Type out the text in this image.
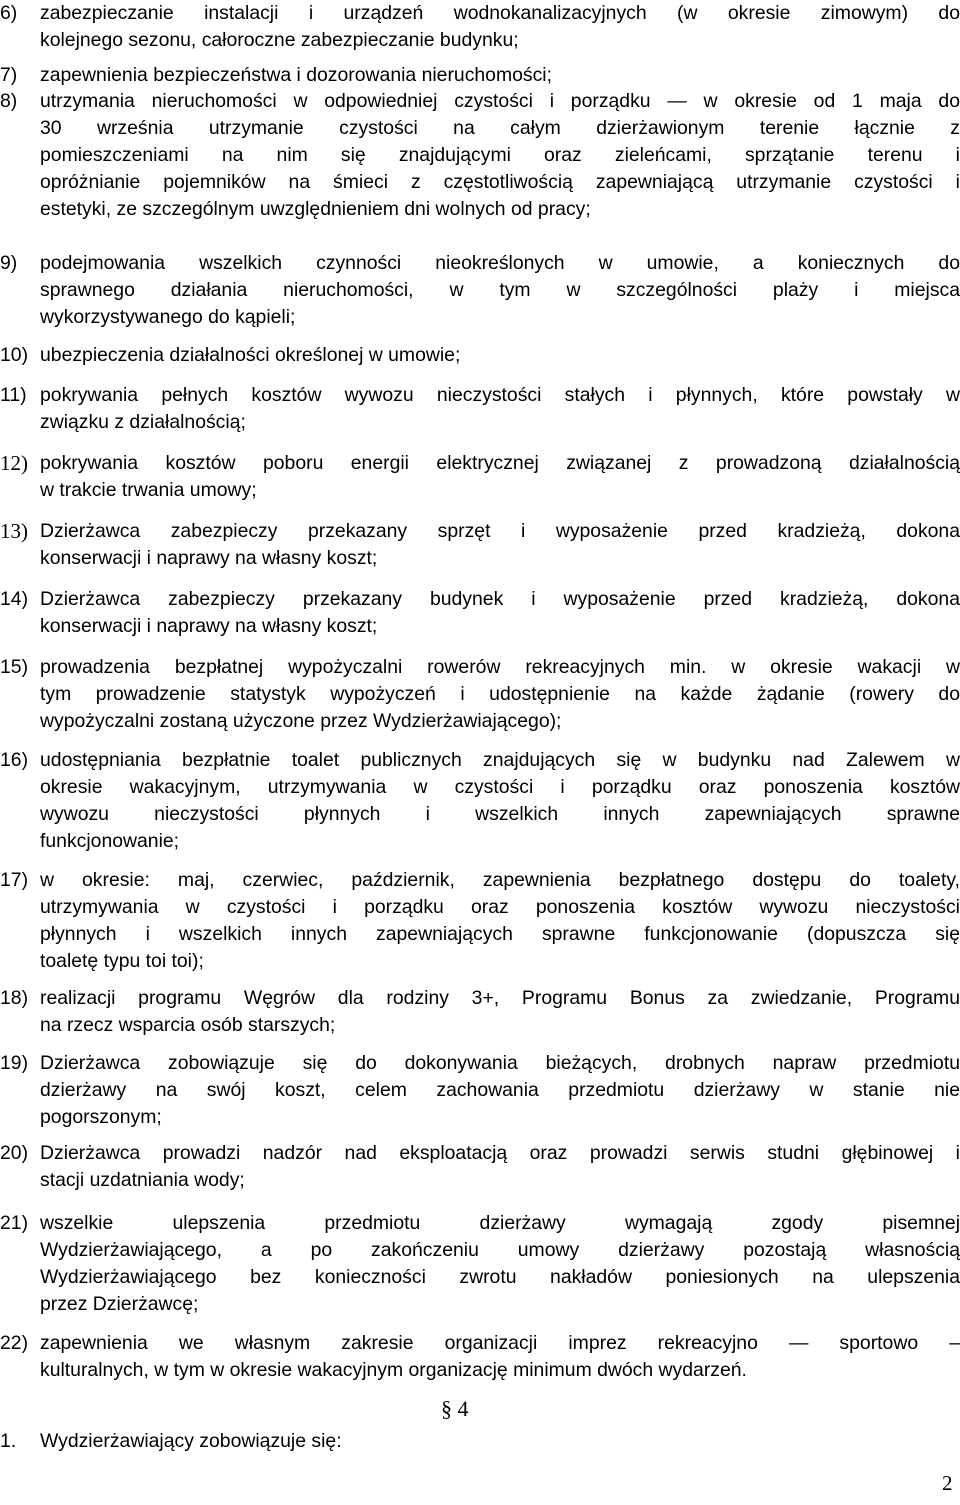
6) zabezpieczanie instalacji i urządzeń wodnokanalizacyjnych (w okresie zimowym) do
kolejnego sezonu, całoroczne zabezpieczanie budynku;
7) zapewnienia bezpieczeństwa i dozorowania nieruchomości;
8) utrzymania nieruchomości w odpowiedniej czystości i porządku — w okresie od 1 maja do
30 września utrzymanie czystości na całym dzierżawionym terenie łącznie z
pomieszczeniami na nim się znajdującymi oraz zieleńcami, sprzątanie terenu i
opróżnianie pojemników na śmieci z częstotliwością zapewniającą utrzymanie czystości i
estetyki, ze szczególnym uwzględnieniem dni wolnych od pracy;
9) podejmowania wszelkich czynności nieokreślonych w umowie, a koniecznych do
sprawnego działania nieruchomości, w tym w szczególności plaży i miejsca
wykorzystywanego do kąpieli;
10) ubezpieczenia działalności określonej w umowie;
11) pokrywania pełnych kosztów wywozu nieczystości stałych i płynnych, które powstały w
związku z działalnością;
12) pokrywania kosztów poboru energii elektrycznej związanej z prowadzoną działalnością
w trakcie trwania umowy;
13) Dzierżawca zabezpieczy przekazany sprzęt i wyposażenie przed kradzieżą, dokona
konserwacji i naprawy na własny koszt;
14) Dzierżawca zabezpieczy przekazany budynek i wyposażenie przed kradzieżą, dokona
konserwacji i naprawy na własny koszt;
15) prowadzenia bezpłatnej wypożyczalni rowerów rekreacyjnych min. w okresie wakacji w
tym prowadzenie statystyk wypożyczeń i udostępnienie na każde żądanie (rowery do
wypożyczalni zostaną użyczone przez Wydzierżawiającego);
16) udostępniania bezpłatnie toalet publicznych znajdujących się w budynku nad Zalewem w
okresie wakacyjnym, utrzymywania w czystości i porządku oraz ponoszenia kosztów
wywozu nieczystości płynnych i wszelkich innych zapewniających sprawne
funkcjonowanie;
17) w okresie: maj, czerwiec, październik, zapewnienia bezpłatnego dostępu do toalety,
utrzymywania w czystości i porządku oraz ponoszenia kosztów wywozu nieczystości
płynnych i wszelkich innych zapewniających sprawne funkcjonowanie (dopuszcza się
toaletę typu toi toi);
18) realizacji programu Węgrów dla rodziny 3+, Programu Bonus za zwiedzanie, Programu
na rzecz wsparcia osób starszych;
19) Dzierżawca zobowiązuje się do dokonywania bieżących, drobnych napraw przedmiotu
dzierżawy na swój koszt, celem zachowania przedmiotu dzierżawy w stanie nie
pogorszonym;
20) Dzierżawca prowadzi nadzór nad eksploatacją oraz prowadzi serwis studni głębinowej i
stacji uzdatniania wody;
21) wszelkie ulepszenia przedmiotu dzierżawy wymagają zgody pisemnej
Wydzierżawiającego, a po zakończeniu umowy dzierżawy pozostają własnością
Wydzierżawiającego bez konieczności zwrotu nakładów poniesionych na ulepszenia
przez Dzierżawcę;
22) zapewnienia we własnym zakresie organizacji imprez rekreacyjno — sportowo –
kulturalnych, w tym w okresie wakacyjnym organizację minimum dwóch wydarzeń.
§ 4
1. Wydzierżawiający zobowiązuje się:
2
